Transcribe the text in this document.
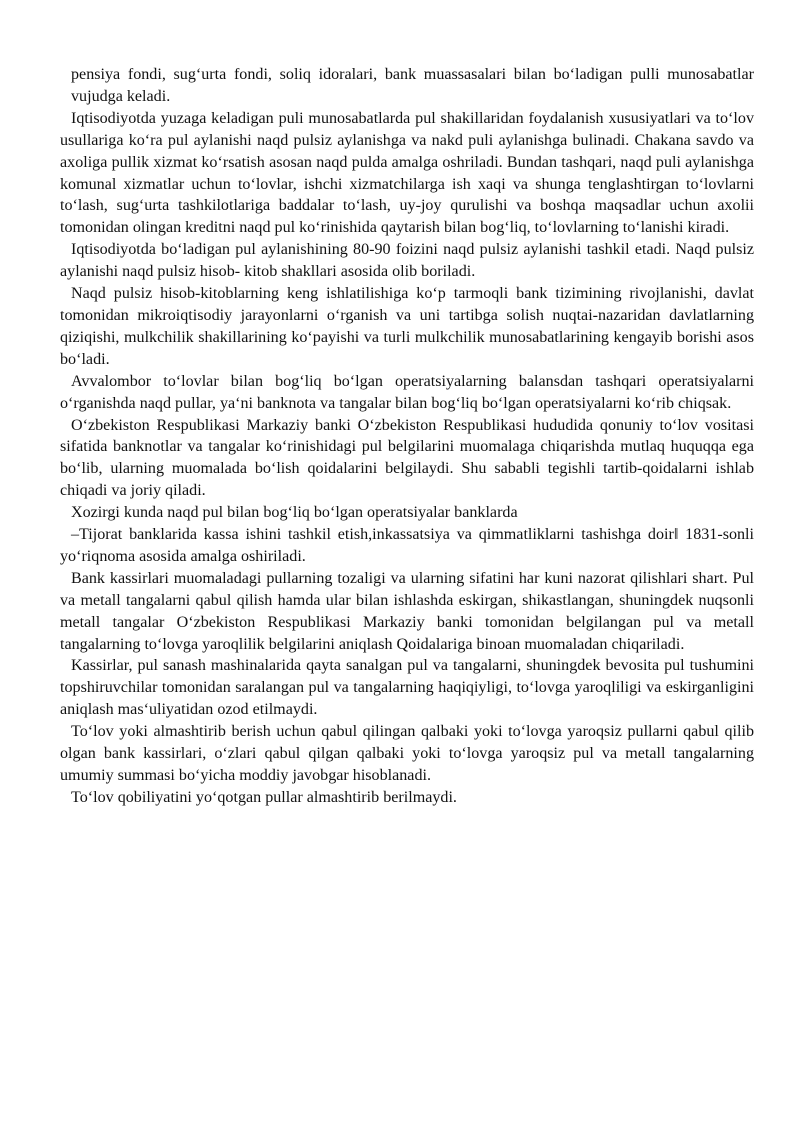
pensiya fondi, sug‘urta fondi, soliq idoralari, bank muassasalari bilan bo‘ladigan pulli munosabatlar vujudga keladi.

Iqtisodiyotda yuzaga keladigan puli munosabatlarda pul shakillaridan foydalanish xususiyatlari va to‘lov usullariga ko‘ra pul aylanishi naqd pulsiz aylanishga va nakd puli aylanishga bulinadi. Chakana savdo va axoliga pullik xizmat ko‘rsatish asosan naqd pulda amalga oshriladi. Bundan tashqari, naqd puli aylanishga komunal xizmatlar uchun to‘lovlar, ishchi xizmatchilarga ish xaqi va shunga tenglashtirgan to‘lovlarni to‘lash, sug‘urta tashkilotlariga baddalar to‘lash, uy-joy qurulishi va boshqa maqsadlar uchun axolii tomonidan olingan kreditni naqd pul ko‘rinishida qaytarish bilan bog‘liq, to‘lovlarning to‘lanishi kiradi.

Iqtisodiyotda bo‘ladigan pul aylanishining 80-90 foizini naqd pulsiz aylanishi tashkil etadi. Naqd pulsiz aylanishi naqd pulsiz hisob- kitob shakllari asosida olib boriladi.

Naqd pulsiz hisob-kitoblarning keng ishlatilishiga ko‘p tarmoqli bank tizimining rivojlanishi, davlat tomonidan mikroiqtisodiy jarayonlarni o‘rganish va uni tartibga solish nuqtai-nazaridan davlatlarning qiziqishi, mulkchilik shakillarining ko‘payishi va turli mulkchilik munosabatlarining kengayib borishi asos bo‘ladi.

Avvalombor to‘lovlar bilan bog‘liq bo‘lgan operatsiyalarning balansdan tashqari operatsiyalarni o‘rganishda naqd pullar, ya‘ni banknota va tangalar bilan bog‘liq bo‘lgan operatsiyalarni ko‘rib chiqsak.

O‘zbekiston Respublikasi Markaziy banki O‘zbekiston Respublikasi hududida qonuniy to‘lov vositasi sifatida banknotlar va tangalar ko‘rinishidagi pul belgilarini muomalaga chiqarishda mutlaq huquqqa ega bo‘lib, ularning muomalada bo‘lish qoidalarini belgilaydi. Shu sababli tegishli tartib-qoidalarni ishlab chiqadi va joriy qiladi.

Xozirgi kunda naqd pul bilan bog‘liq bo‘lgan operatsiyalar banklarda

–Tijorat banklarida kassa ishini tashkil etish,inkassatsiya va qimmatliklarni tashishga doir‖ 1831-sonli yo‘riqnoma asosida amalga oshiriladi.

Bank kassirlari muomaladagi pullarning tozaligi va ularning sifatini har kuni nazorat qilishlari shart. Pul va metall tangalarni qabul qilish hamda ular bilan ishlashda eskirgan, shikastlangan, shuningdek nuqsonli metall tangalar O‘zbekiston Respublikasi Markaziy banki tomonidan belgilangan pul va metall tangalarning to‘lovga yaroqlilik belgilarini aniqlash Qoidalariga binoan muomaladan chiqariladi.

Kassirlar, pul sanash mashinalarida qayta sanalgan pul va tangalarni, shuningdek bevosita pul tushumini topshiruvchilar tomonidan saralangan pul va tangalarning haqiqiyligi, to‘lovga yaroqliligi va eskirganligini aniqlash mas‘uliyatidan ozod etilmaydi.

To‘lov yoki almashtirib berish uchun qabul qilingan qalbaki yoki to‘lovga yaroqsiz pullarni qabul qilib olgan bank kassirlari, o‘zlari qabul qilgan qalbaki yoki to‘lovga yaroqsiz pul va metall tangalarning umumiy summasi bo‘yicha moddiy javobgar hisoblanadi.

To‘lov qobiliyatini yo‘qotgan pullar almashtirib berilmaydi.
